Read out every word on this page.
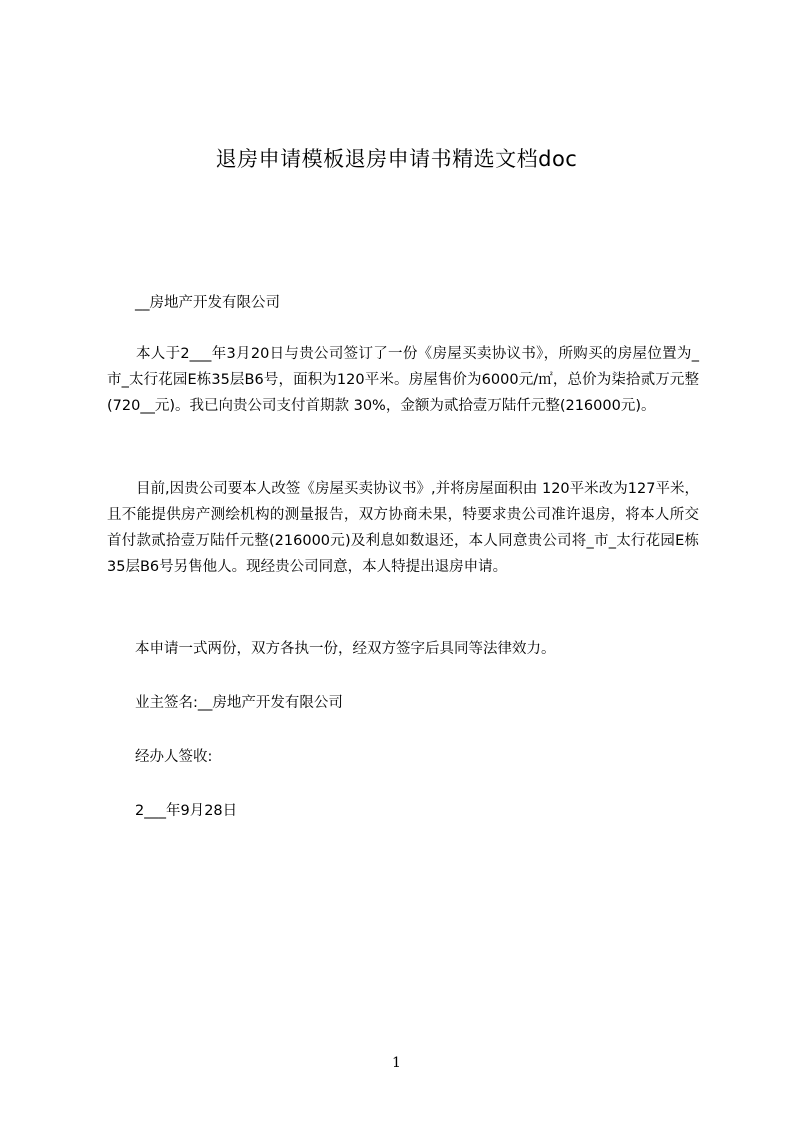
退房申请模板退房申请书精选文档doc
__房地产开发有限公司
本人于2___年3月20日与贵公司签订了一份《房屋买卖协议书》，所购买的房屋位置为_市_太行花园E栋35层B6号，面积为120平米。房屋售价为6000元/㎡，总价为柒拾贰万元整(720__元)。我已向贵公司支付首期款 30%，金额为贰拾壹万陆仟元整(216000元)。
目前,因贵公司要本人改签《房屋买卖协议书》,并将房屋面积由 120平米改为127平米，且不能提供房产测绘机构的测量报告，双方协商未果，特要求贵公司准许退房，将本人所交首付款贰拾壹万陆仟元整(216000元)及利息如数退还，本人同意贵公司将_市_太行花园E栋35层B6号另售他人。现经贵公司同意，本人特提出退房申请。
本申请一式两份，双方各执一份，经双方签字后具同等法律效力。
业主签名:__房地产开发有限公司
经办人签收:
2___年9月28日
1
